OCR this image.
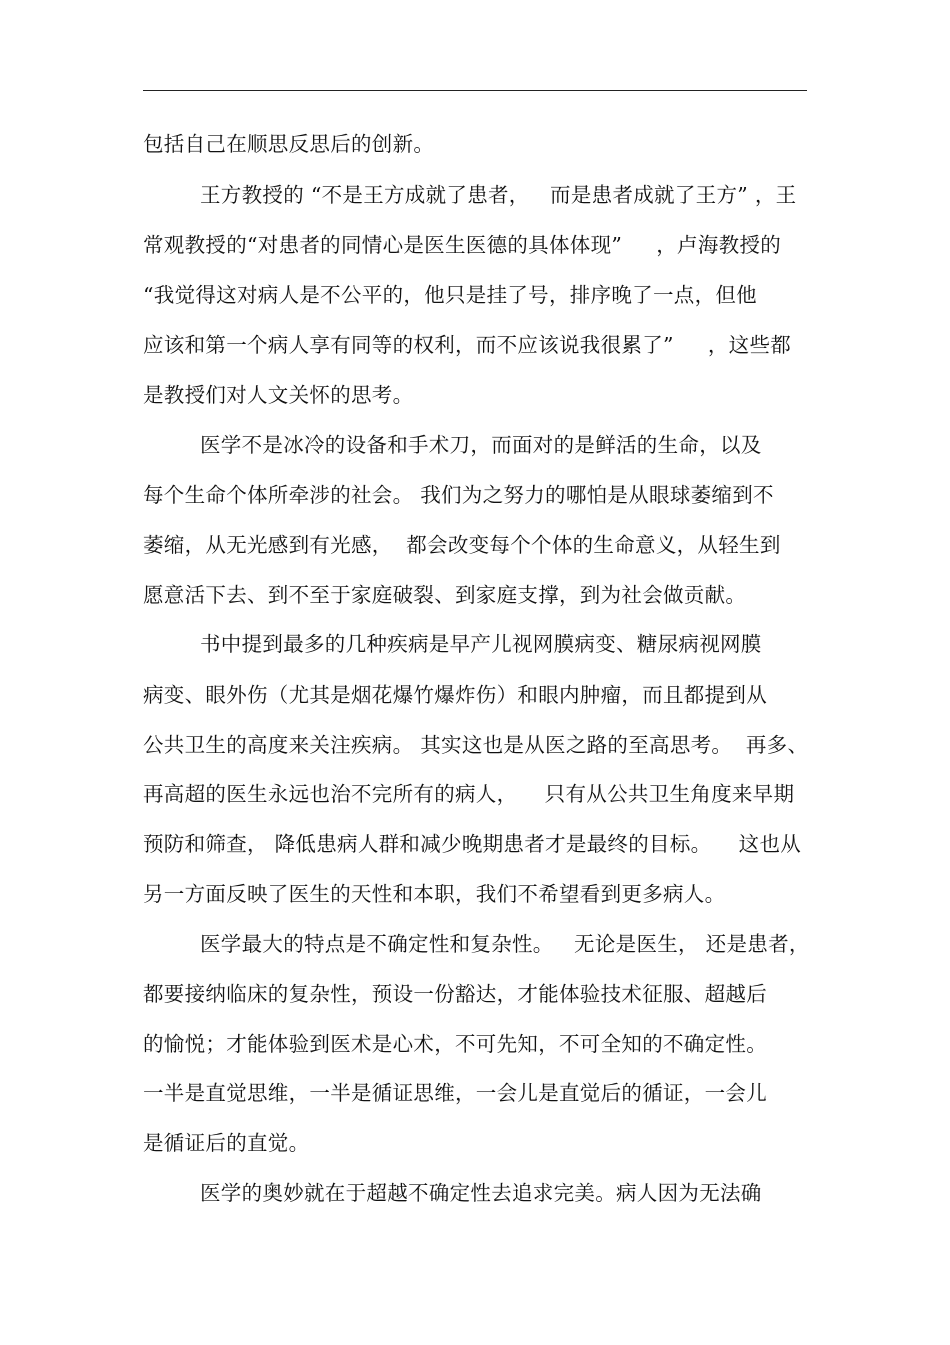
包括自己在顺思反思后的创新。
王方教授的 “不是王方成就了患者，   而是患者成就了王方” ，王
常观教授的“对患者的同情心是医生医德的具体体现”     ，卢海教授的
“我觉得这对病人是不公平的，他只是挂了号，排序晚了一点，但他
应该和第一个病人享有同等的权利，而不应该说我很累了”     ，这些都
是教授们对人文关怀的思考。
医学不是冰冷的设备和手术刀，而面对的是鲜活的生命，以及
每个生命个体所牵涉的社会。 我们为之努力的哪怕是从眼球萎缩到不
萎缩，从无光感到有光感，  都会改变每个个体的生命意义，从轻生到
愿意活下去、到不至于家庭破裂、到家庭支撑，到为社会做贡献。
书中提到最多的几种疾病是早产儿视网膜病变、糖尿病视网膜
病变、眼外伤（尤其是烟花爆竹爆炸伤）和眼内肿瘤，而且都提到从
公共卫生的高度来关注疾病。 其实这也是从医之路的至高思考。  再多、
再高超的医生永远也治不完所有的病人，    只有从公共卫生角度来早期
预防和筛查， 降低患病人群和减少晚期患者才是最终的目标。    这也从
另一方面反映了医生的天性和本职，我们不希望看到更多病人。
医学最大的特点是不确定性和复杂性。   无论是医生， 还是患者，
都要接纳临床的复杂性，预设一份豁达，才能体验技术征服、超越后
的愉悦；才能体验到医术是心术，不可先知，不可全知的不确定性。
一半是直觉思维，一半是循证思维，一会儿是直觉后的循证，一会儿
是循证后的直觉。
医学的奥妙就在于超越不确定性去追求完美。病人因为无法确
